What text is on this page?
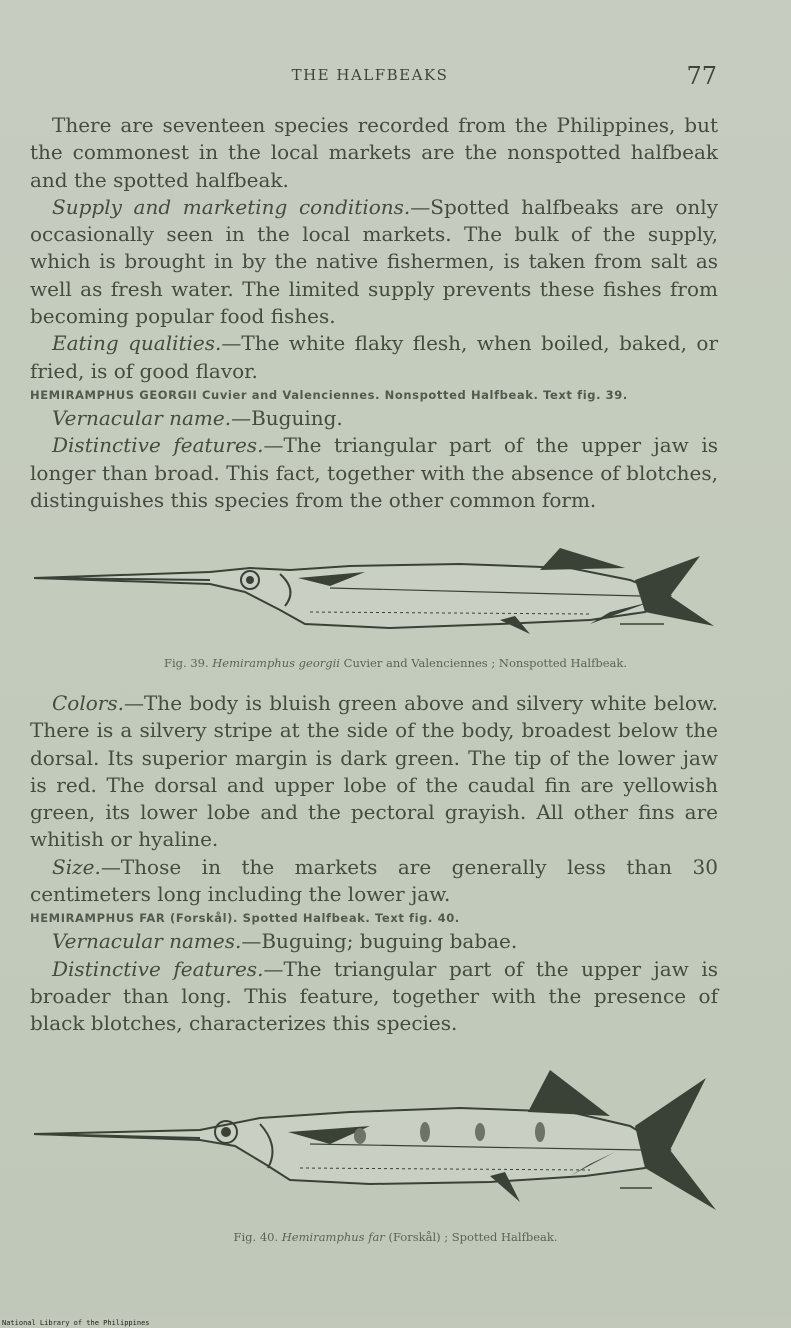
THE HALFBEAKS	77

There are seventeen species recorded from the Philippines, but the commonest in the local markets are the nonspotted halfbeak and the spotted halfbeak.

Supply and marketing conditions.—Spotted halfbeaks are only occasionally seen in the local markets. The bulk of the supply, which is brought in by the native fishermen, is taken from salt as well as fresh water. The limited supply prevents these fishes from becoming popular food fishes.

Eating qualities.—The white flaky flesh, when boiled, baked, or fried, is of good flavor.

HEMIRAMPHUS GEORGII Cuvier and Valenciennes. Nonspotted Halfbeak. Text fig. 39.

Vernacular name.—Buguing.

Distinctive features.—The triangular part of the upper jaw is longer than broad. This fact, together with the absence of blotches, distinguishes this species from the other common form.

Fig. 39. Hemiramphus georgii Cuvier and Valenciennes ; Nonspotted Halfbeak.

Colors.—The body is bluish green above and silvery white below. There is a silvery stripe at the side of the body, broadest below the dorsal. Its superior margin is dark green. The tip of the lower jaw is red. The dorsal and upper lobe of the caudal fin are yellowish green, its lower lobe and the pectoral grayish. All other fins are whitish or hyaline.

Size.—Those in the markets are generally less than 30 centimeters long including the lower jaw.

HEMIRAMPHUS FAR (Forskål). Spotted Halfbeak. Text fig. 40.

Vernacular names.—Buguing; buguing babae.

Distinctive features.—The triangular part of the upper jaw is broader than long. This feature, together with the presence of black blotches, characterizes this species.

Fig. 40. Hemiramphus far (Forskål) ; Spotted Halfbeak.
National Library of the Philippines
